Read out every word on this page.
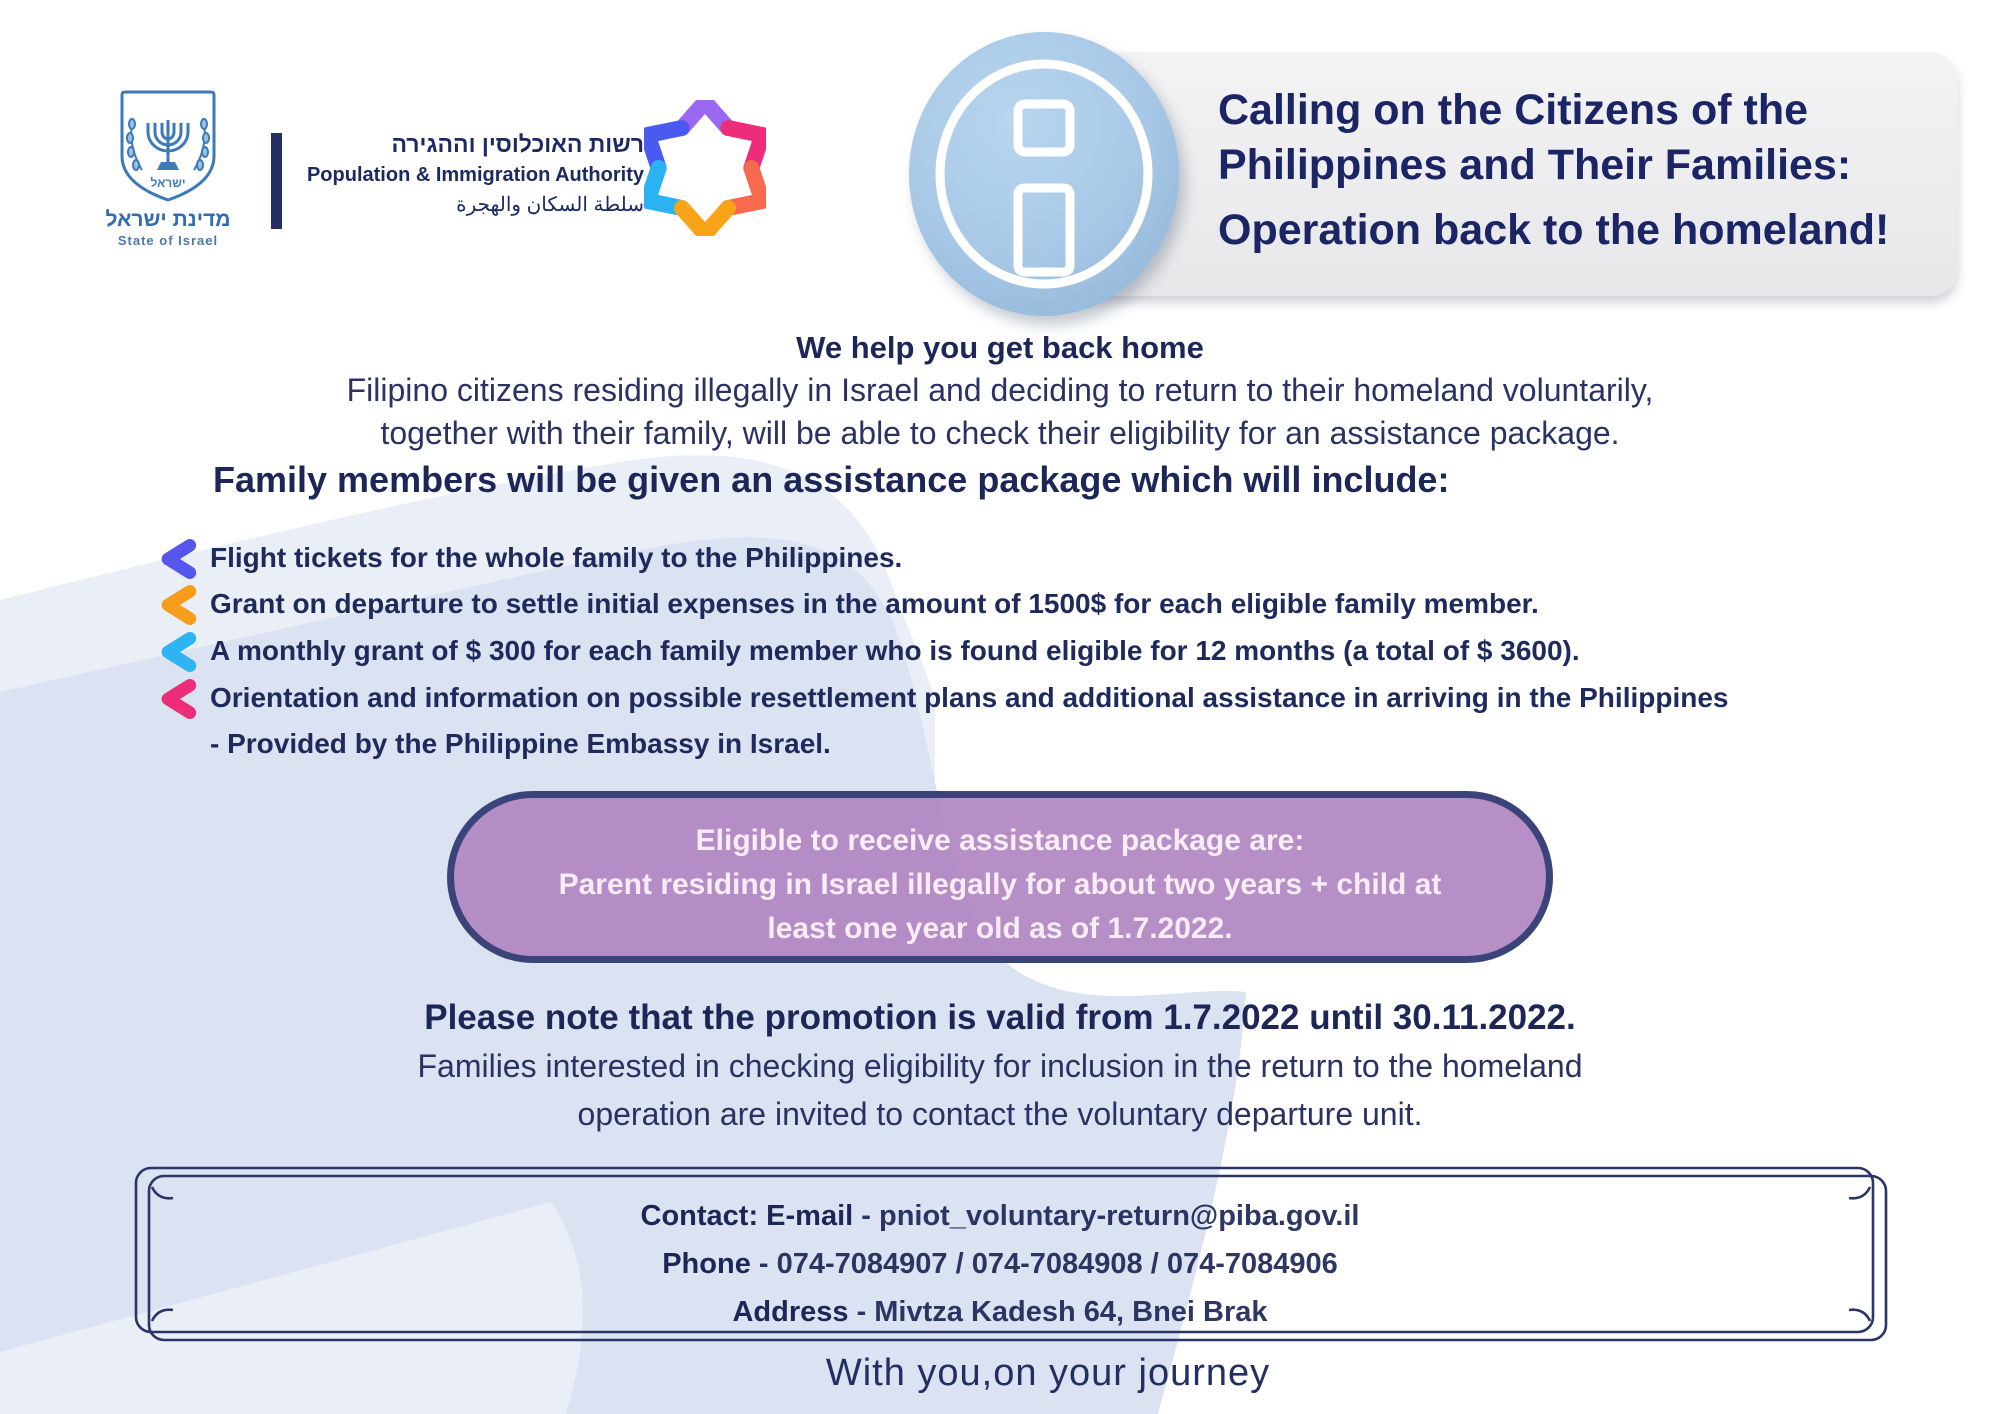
ישראל
מדינת ישראל
State of Israel
רשות האוכלוסין וההגירה
Population & Immigration Authority
سلطة السكان والهجرة
Calling on the Citizens of the
Philippines and Their Families:
Operation back to the homeland!
We help you get back home
Filipino citizens residing illegally in Israel and deciding to return to their homeland voluntarily,
together with their family, will be able to check their eligibility for an assistance package.
Family members will be given an assistance package which will include:
Flight tickets for the whole family to the Philippines.
Grant on departure to settle initial expenses in the amount of 1500$ for each eligible family member.
A monthly grant of $ 300 for each family member who is found eligible for 12 months (a total of $ 3600).
Orientation and information on possible resettlement plans and additional assistance in arriving in the Philippines - Provided by the Philippine Embassy in Israel.
Eligible to receive assistance package are:
Parent residing in Israel illegally for about two years + child at
least one year old as of 1.7.2022.
Please note that the promotion is valid from 1.7.2022 until 30.11.2022.
Families interested in checking eligibility for inclusion in the return to the homeland
operation are invited to contact the voluntary departure unit.
Contact: E-mail - pniot_voluntary-return@piba.gov.il
Phone - 074-7084907 / 074-7084908 / 074-7084906
Address - Mivtza Kadesh 64, Bnei Brak
With you,on your journey
